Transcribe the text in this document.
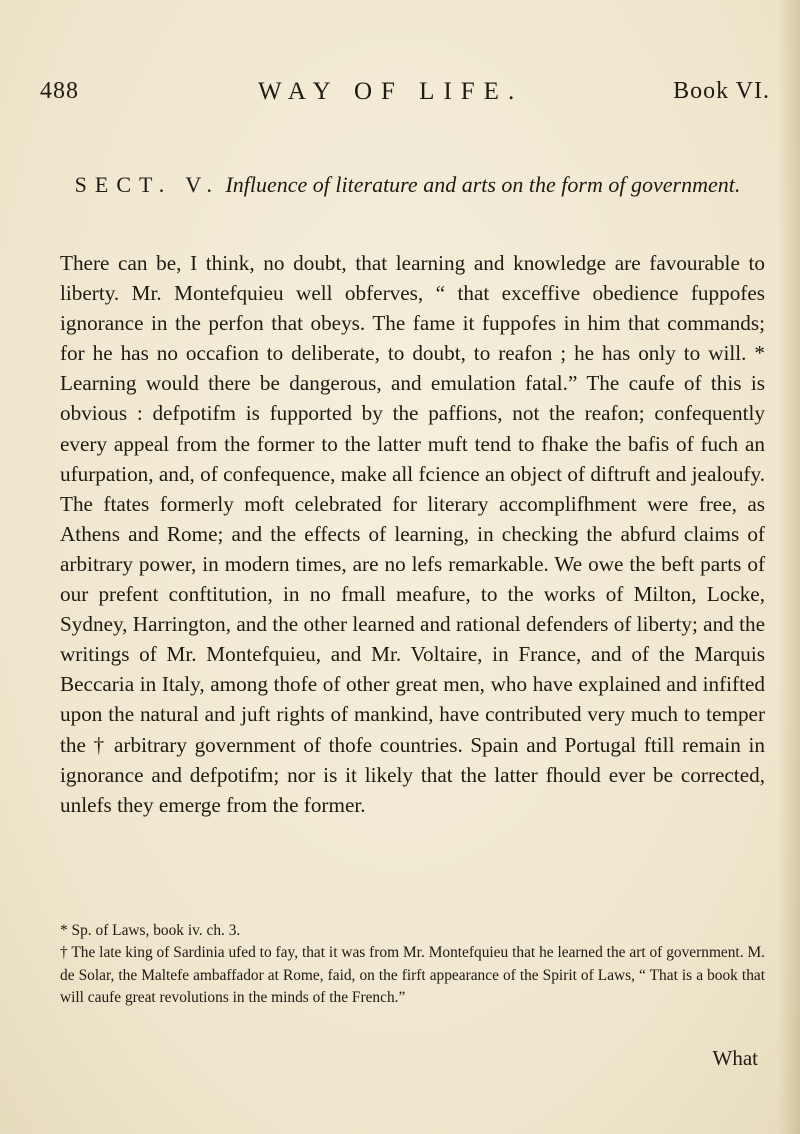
488	WAY OF LIFE.	Book VI.
SECT. V. Influence of literature and arts on the form of government.

There can be, I think, no doubt, that learning and knowledge are favourable to liberty. Mr. Montefquieu well obferves, “ that exceffive obedience fuppofes ignorance in the perfon that obeys. The fame it fuppofes in him that commands; for he has no occafion to deliberate, to doubt, to reafon ; he has only to will. * Learning would there be dangerous, and emulation fatal.” The caufe of this is obvious : defpotifm is fupported by the paffions, not the reafon; confequently every appeal from the former to the latter muft tend to fhake the bafis of fuch an ufurpation, and, of confequence, make all fcience an object of diftruft and jealoufy. The ftates formerly moft celebrated for literary accomplifhment were free, as Athens and Rome; and the effects of learning, in checking the abfurd claims of arbitrary power, in modern times, are no lefs remarkable. We owe the beft parts of our prefent conftitution, in no fmall meafure, to the works of Milton, Locke, Sydney, Harrington, and the other learned and rational defenders of liberty; and the writings of Mr. Montefquieu, and Mr. Voltaire, in France, and of the Marquis Beccaria in Italy, among thofe of other great men, who have explained and infifted upon the natural and juft rights of mankind, have contributed very much to temper the † arbitrary government of thofe countries. Spain and Portugal ftill remain in ignorance and defpotifm; nor is it likely that the latter fhould ever be corrected, unlefs they emerge from the former.

* Sp. of Laws, book iv. ch. 3.

† The late king of Sardinia ufed to fay, that it was from Mr. Montefquieu that he learned the art of government. M. de Solar, the Maltefe ambaffador at Rome, faid, on the firft appearance of the Spirit of Laws, “ That is a book that will caufe great revolutions in the minds of the French.”

What
